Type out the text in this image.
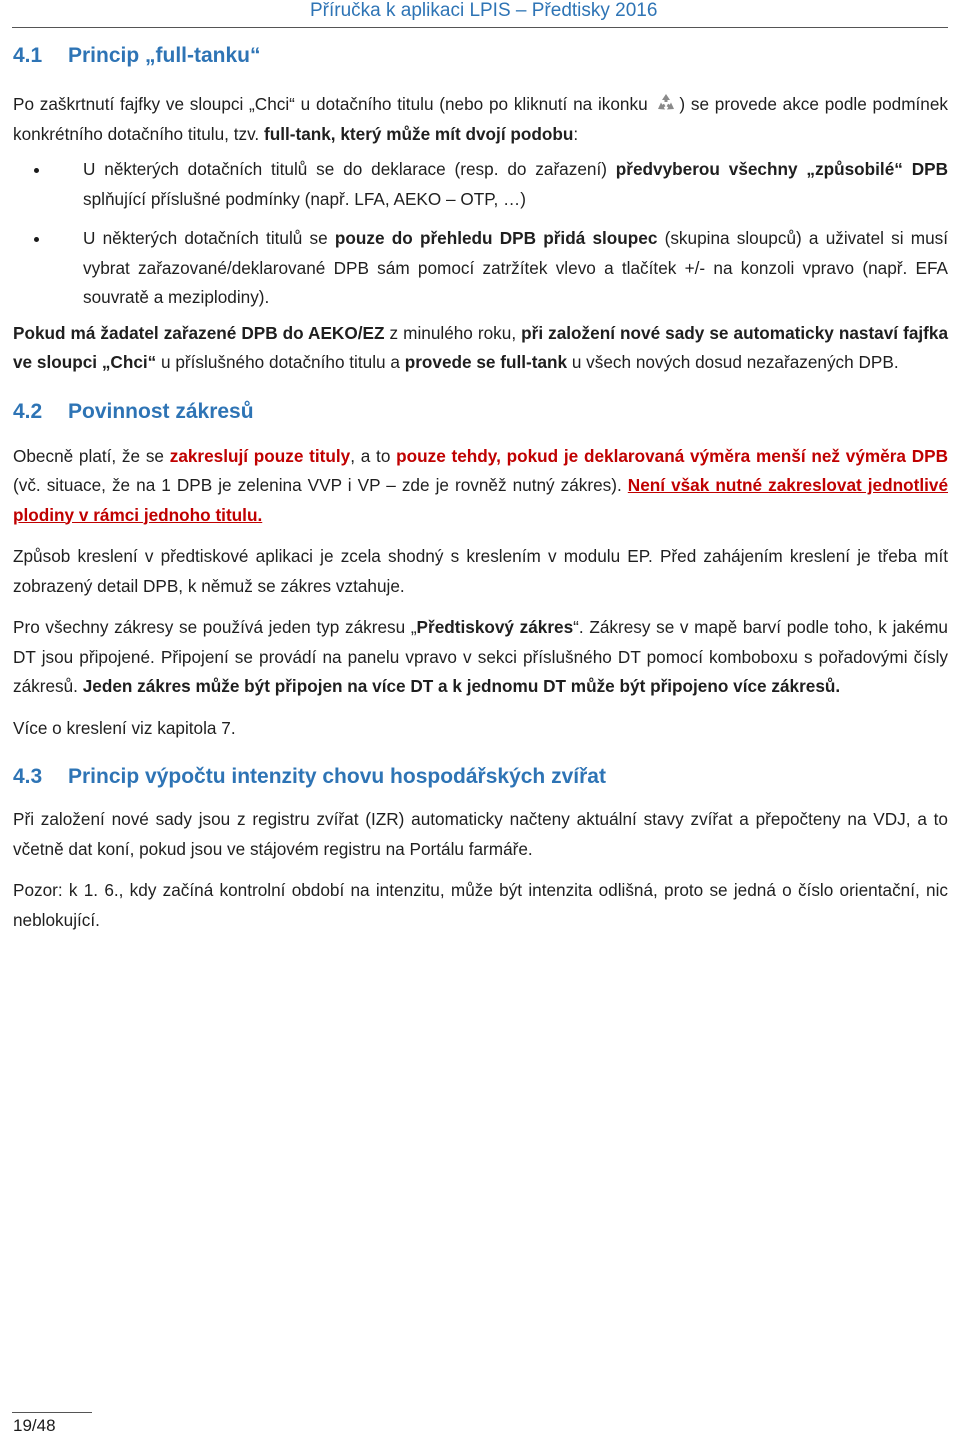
Příručka k aplikaci LPIS – Předtisky 2016
4.1	Princip „full-tanku“

Po zaškrtnutí fajfky ve sloupci „Chci“ u dotačního titulu (nebo po kliknutí na ikonku ) se provede akce podle podmínek konkrétního dotačního titulu, tzv. full-tank, který může mít dvojí podobu:

U některých dotačních titulů se do deklarace (resp. do zařazení) předvyberou všechny „způsobilé“ DPB splňující příslušné podmínky (např. LFA, AEKO – OTP, …)
U některých dotačních titulů se pouze do přehledu DPB přidá sloupec (skupina sloupců) a uživatel si musí vybrat zařazované/deklarované DPB sám pomocí zatržítek vlevo a tlačítek +/- na konzoli vpravo (např. EFA souvratě a meziplodiny).

Pokud má žadatel zařazené DPB do AEKO/EZ z minulého roku, při založení nové sady se automaticky nastaví fajfka ve sloupci „Chci“ u příslušného dotačního titulu a provede se full-tank u všech nových dosud nezařazených DPB.

4.2	Povinnost zákresů

Obecně platí, že se zakreslují pouze tituly, a to pouze tehdy, pokud je deklarovaná výměra menší než výměra DPB (vč. situace, že na 1 DPB je zelenina VVP i VP – zde je rovněž nutný zákres). Není však nutné zakreslovat jednotlivé plodiny v rámci jednoho titulu.

Způsob kreslení v předtiskové aplikaci je zcela shodný s kreslením v modulu EP. Před zahájením kreslení je třeba mít zobrazený detail DPB, k němuž se zákres vztahuje.

Pro všechny zákresy se používá jeden typ zákresu „Předtiskový zákres“. Zákresy se v mapě barví podle toho, k jakému DT jsou připojené. Připojení se provádí na panelu vpravo v sekci příslušného DT pomocí komboboxu s pořadovými čísly zákresů. Jeden zákres může být připojen na více DT a k jednomu DT může být připojeno více zákresů.

Více o kreslení viz kapitola 7.

4.3	Princip výpočtu intenzity chovu hospodářských zvířat

Při založení nové sady jsou z registru zvířat (IZR) automaticky načteny aktuální stavy zvířat a přepočteny na VDJ, a to včetně dat koní, pokud jsou ve stájovém registru na Portálu farmáře.

Pozor: k 1. 6., kdy začíná kontrolní období na intenzitu, může být intenzita odlišná, proto se jedná o číslo orientační, nic neblokující.

19/48
